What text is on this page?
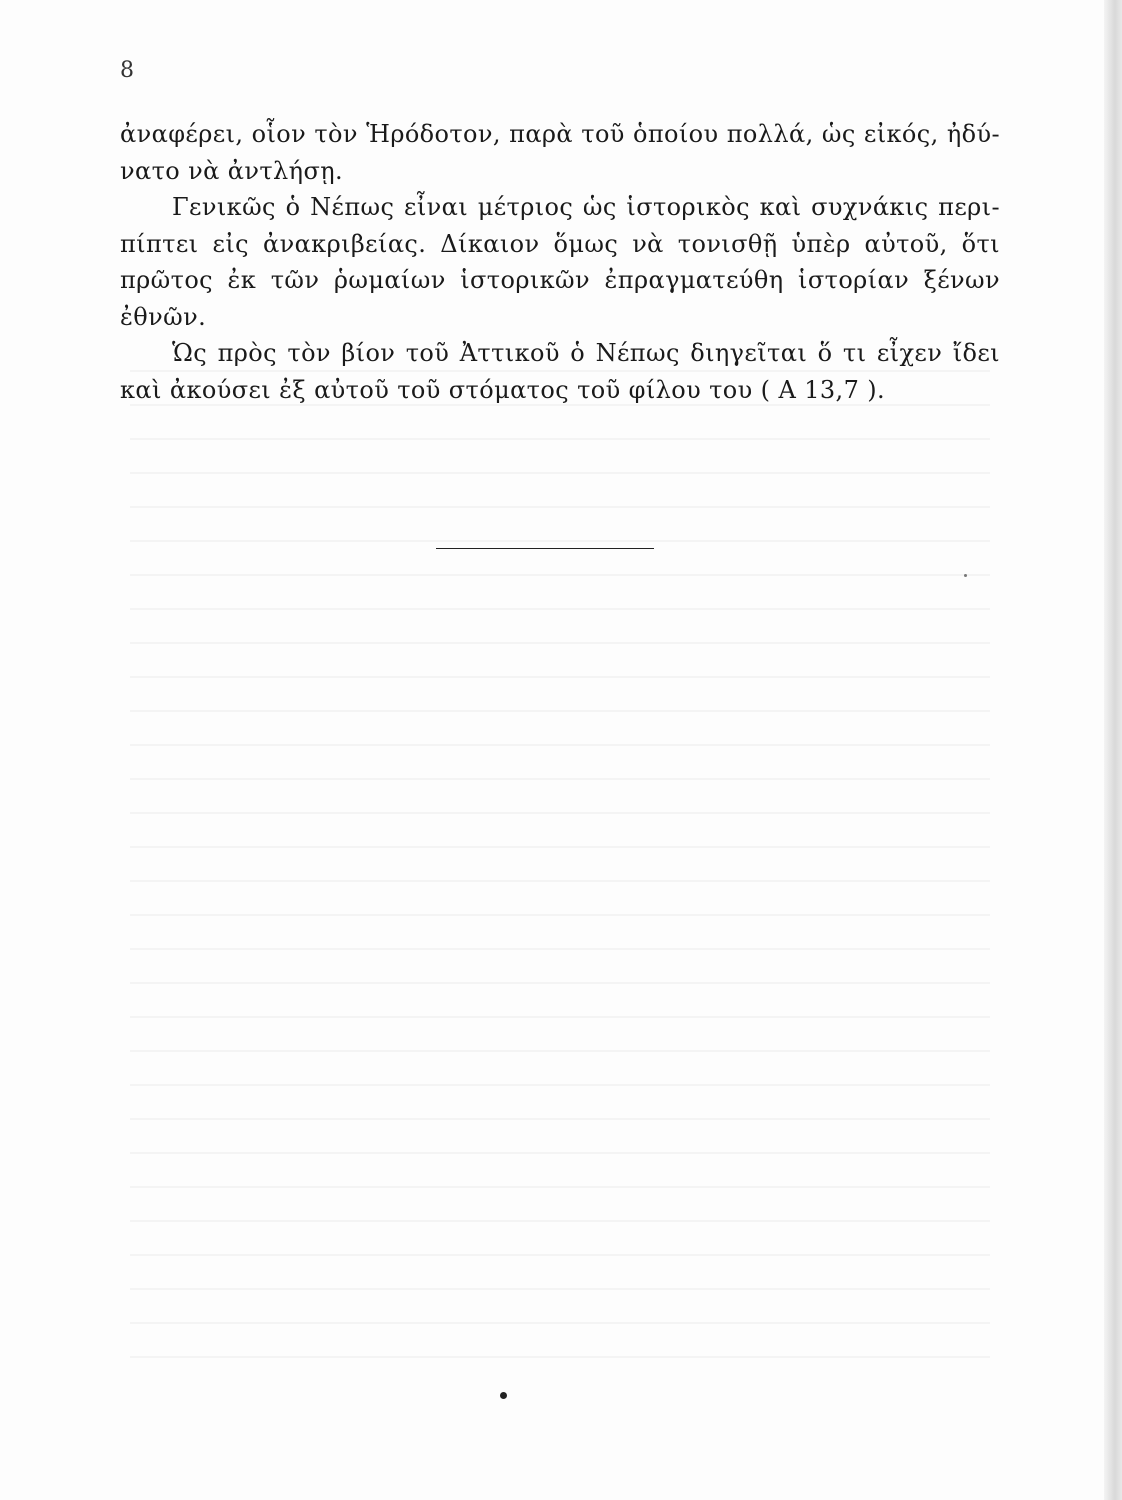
8
ἀναφέρει, οἷον τὸν Ἡρόδοτον, παρὰ τοῦ ὁποίου πολλά, ὡς εἰκός, ἠδύ-
νατο νὰ ἀντλήσῃ.
Γενικῶς ὁ Νέπως εἶναι μέτριος ὡς ἱστορικὸς καὶ συχνάκις περι-
πίπτει εἰς ἀνακριβείας. Δίκαιον ὅμως νὰ τονισθῇ ὑπὲρ αὐτοῦ, ὅτι
πρῶτος ἐκ τῶν ῥωμαίων ἱστορικῶν ἐπραγματεύθη ἱστορίαν ξένων ἐθνῶν.
Ὡς πρὸς τὸν βίον τοῦ Ἀττικοῦ ὁ Νέπως διηγεῖται ὅ τι εἶχεν ἴδει
καὶ ἀκούσει ἐξ αὐτοῦ τοῦ στόματος τοῦ φίλου του ( Α 13,7 ).
